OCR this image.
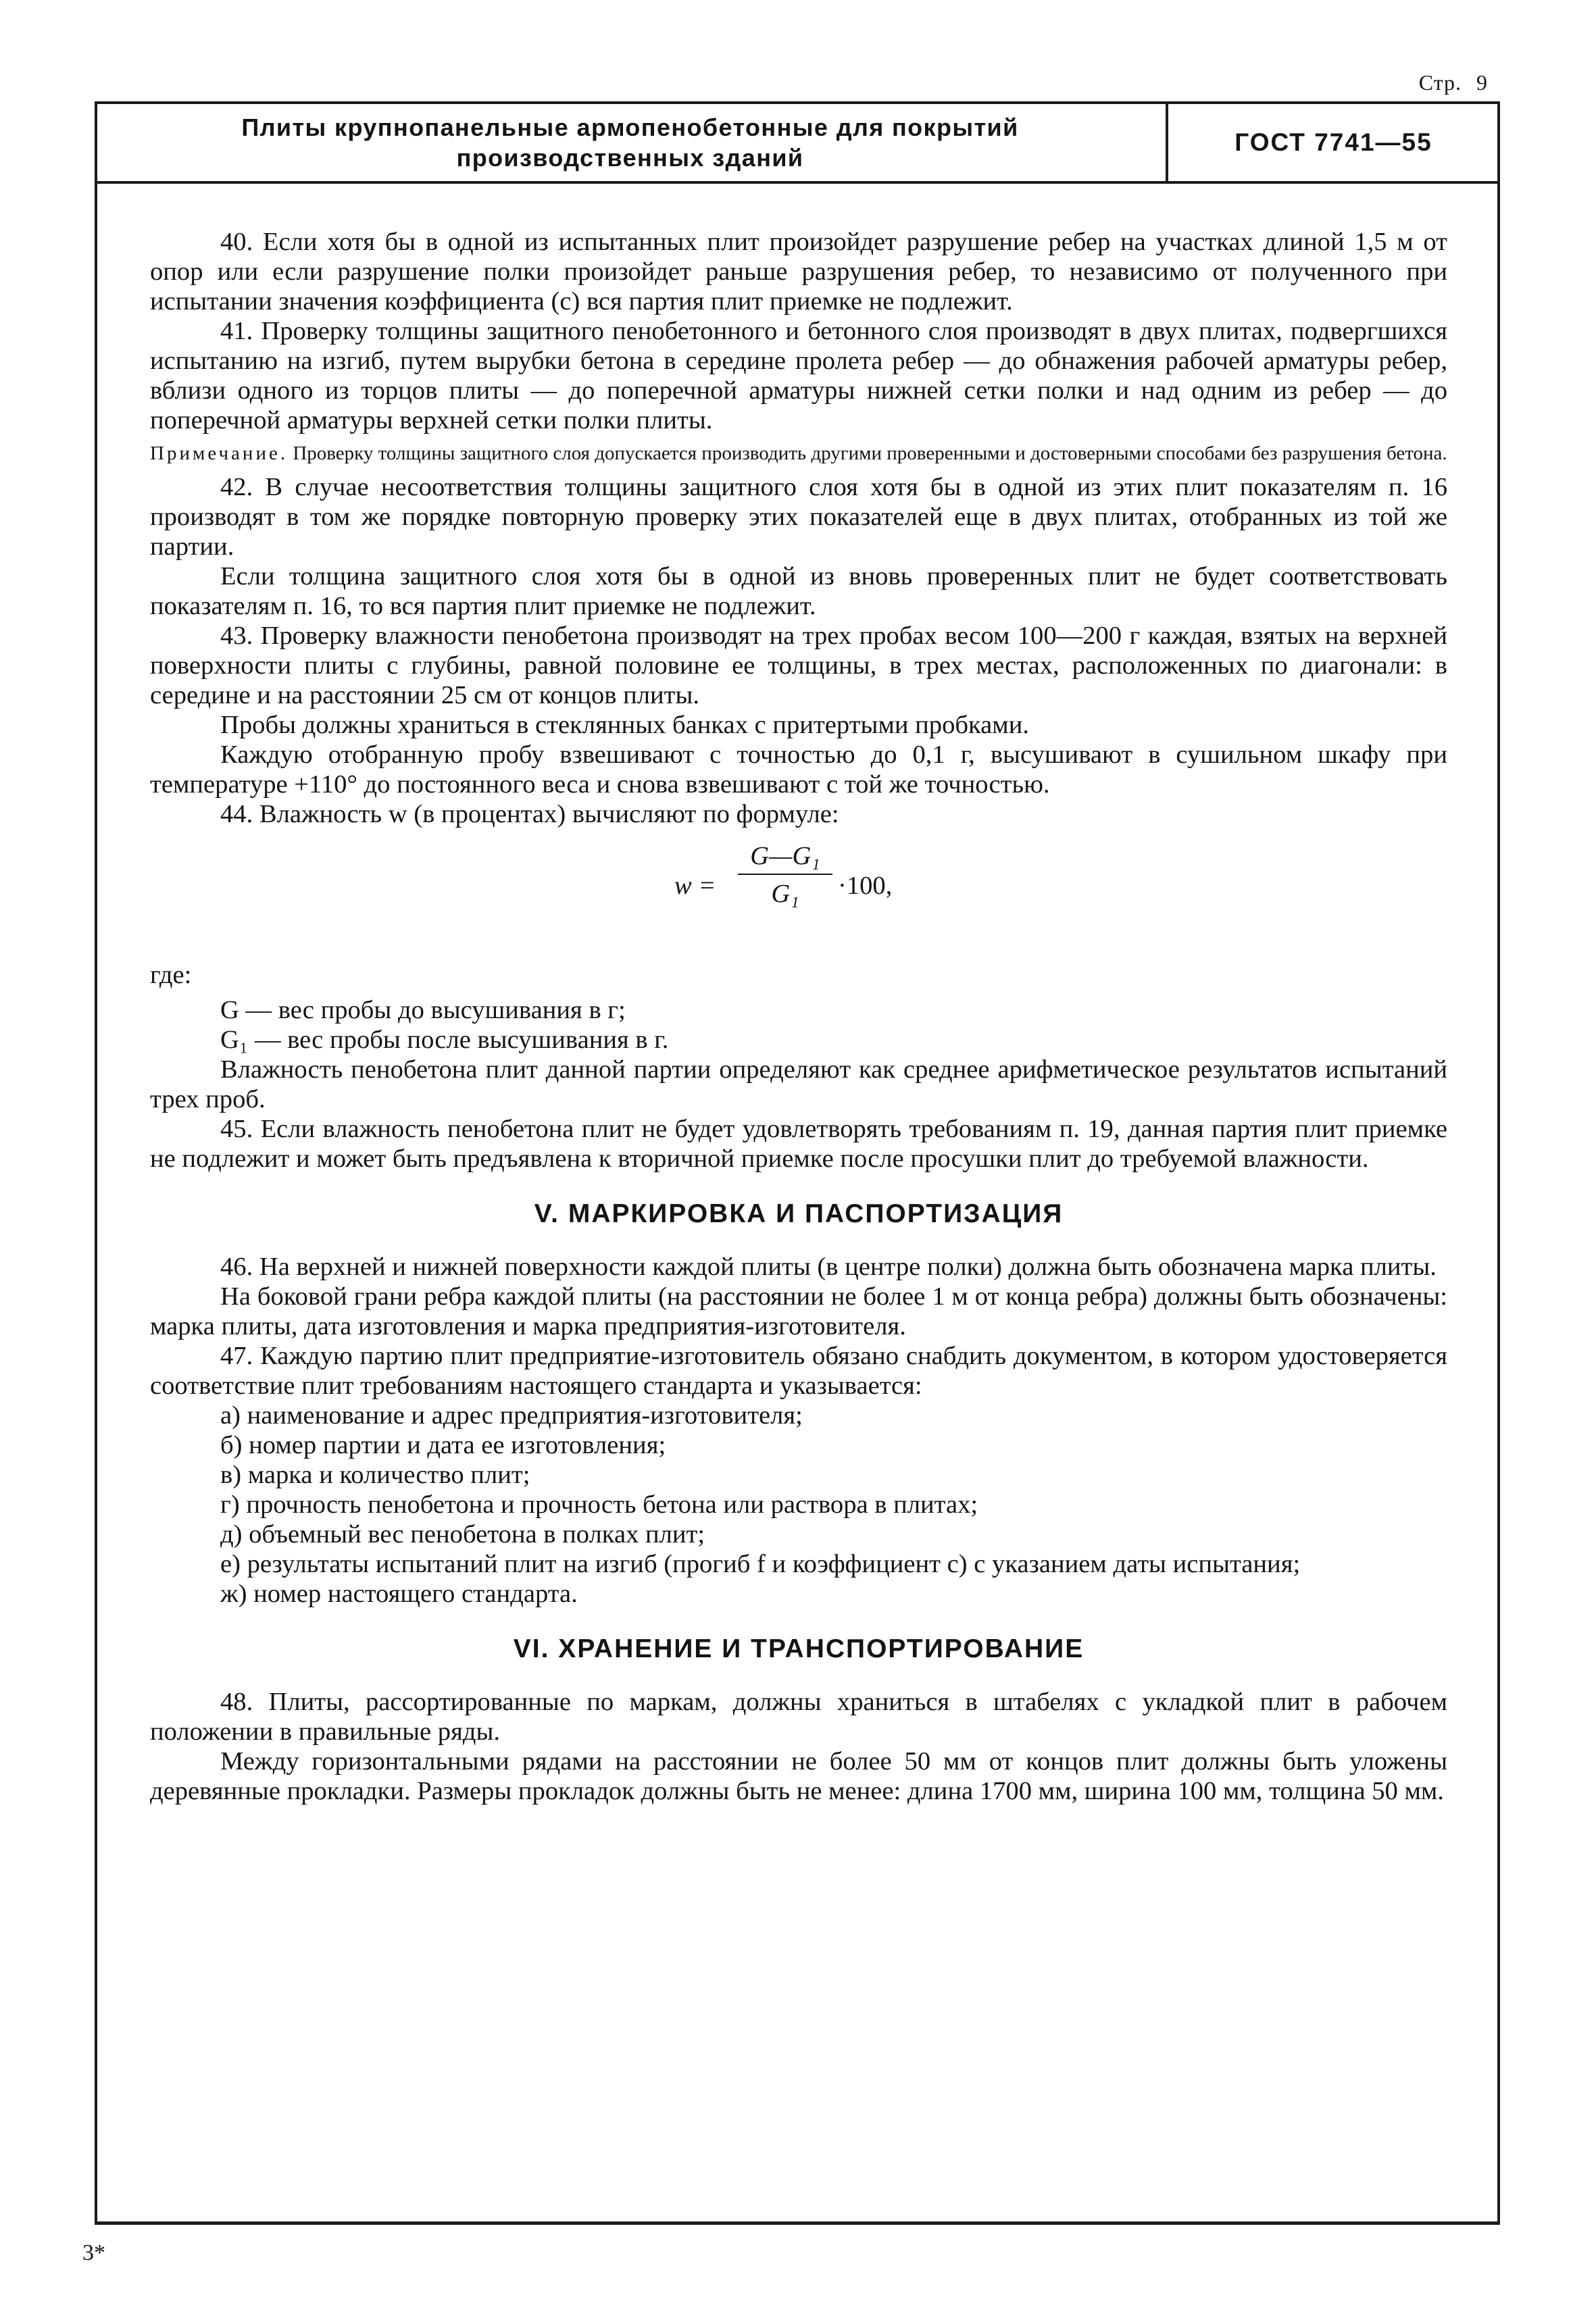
Стр. 9
Плиты крупнопанельные армопенобетонные для покрытий
производственных зданий
ГОСТ 7741—55

40. Если хотя бы в одной из испытанных плит произойдет разрушение ребер на участках длиной 1,5 м от опор или если разрушение полки произойдет раньше разрушения ребер, то независимо от полученного при испытании значения коэффициента (с) вся партия плит приемке не подлежит.

41. Проверку толщины защитного пенобетонного и бетонного слоя производят в двух плитах, подвергшихся испытанию на изгиб, путем вырубки бетона в середине пролета ребер — до обнажения рабочей арматуры ребер, вблизи одного из торцов плиты — до поперечной арматуры нижней сетки полки и над одним из ребер — до поперечной арматуры верхней сетки полки плиты.

Примечание. Проверку толщины защитного слоя допускается производить другими проверенными и достоверными способами без разрушения бетона.

42. В случае несоответствия толщины защитного слоя хотя бы в одной из этих плит показателям п. 16 производят в том же порядке повторную проверку этих показателей еще в двух плитах, отобранных из той же партии.

Если толщина защитного слоя хотя бы в одной из вновь проверенных плит не будет соответствовать показателям п. 16, то вся партия плит приемке не подлежит.

43. Проверку влажности пенобетона производят на трех пробах весом 100—200 г каждая, взятых на верхней поверхности плиты с глубины, равной половине ее толщины, в трех местах, расположенных по диагонали: в середине и на расстоянии 25 см от концов плиты.

Пробы должны храниться в стеклянных банках с притертыми пробками.

Каждую отобранную пробу взвешивают с точностью до 0,1 г, высушивают в сушильном шкафу при температуре +110° до постоянного веса и снова взвешивают с той же точностью.

44. Влажность w (в процентах) вычисляют по формуле:

$w = \frac{\text{G—G₁}}{\text{G₁}} \cdot 100$,

где:

G — вес пробы до высушивания в г;

G₁ — вес пробы после высушивания в г.

Влажность пенобетона плит данной партии определяют как среднее арифметическое результатов испытаний трех проб.

45. Если влажность пенобетона плит не будет удовлетворять требованиям п. 19, данная партия плит приемке не подлежит и может быть предъявлена к вторичной приемке после просушки плит до требуемой влажности.

V. МАРКИРОВКА И ПАСПОРТИЗАЦИЯ

46. На верхней и нижней поверхности каждой плиты (в центре полки) должна быть обозначена марка плиты.

На боковой грани ребра каждой плиты (на расстоянии не более 1 м от конца ребра) должны быть обозначены: марка плиты, дата изготовления и марка предприятия-изготовителя.

47. Каждую партию плит предприятие-изготовитель обязано снабдить документом, в котором удостоверяется соответствие плит требованиям настоящего стандарта и указывается:

а) наименование и адрес предприятия-изготовителя;

б) номер партии и дата ее изготовления;

в) марка и количество плит;

г) прочность пенобетона и прочность бетона или раствора в плитах;

д) объемный вес пенобетона в полках плит;

е) результаты испытаний плит на изгиб (прогиб f и коэффициент с) с указанием даты испытания;

ж) номер настоящего стандарта.

VI. ХРАНЕНИЕ И ТРАНСПОРТИРОВАНИЕ

48. Плиты, рассортированные по маркам, должны храниться в штабелях с укладкой плит в рабочем положении в правильные ряды.

Между горизонтальными рядами на расстоянии не более 50 мм от концов плит должны быть уложены деревянные прокладки. Размеры прокладок должны быть не менее: длина 1700 мм, ширина 100 мм, толщина 50 мм.

3*
